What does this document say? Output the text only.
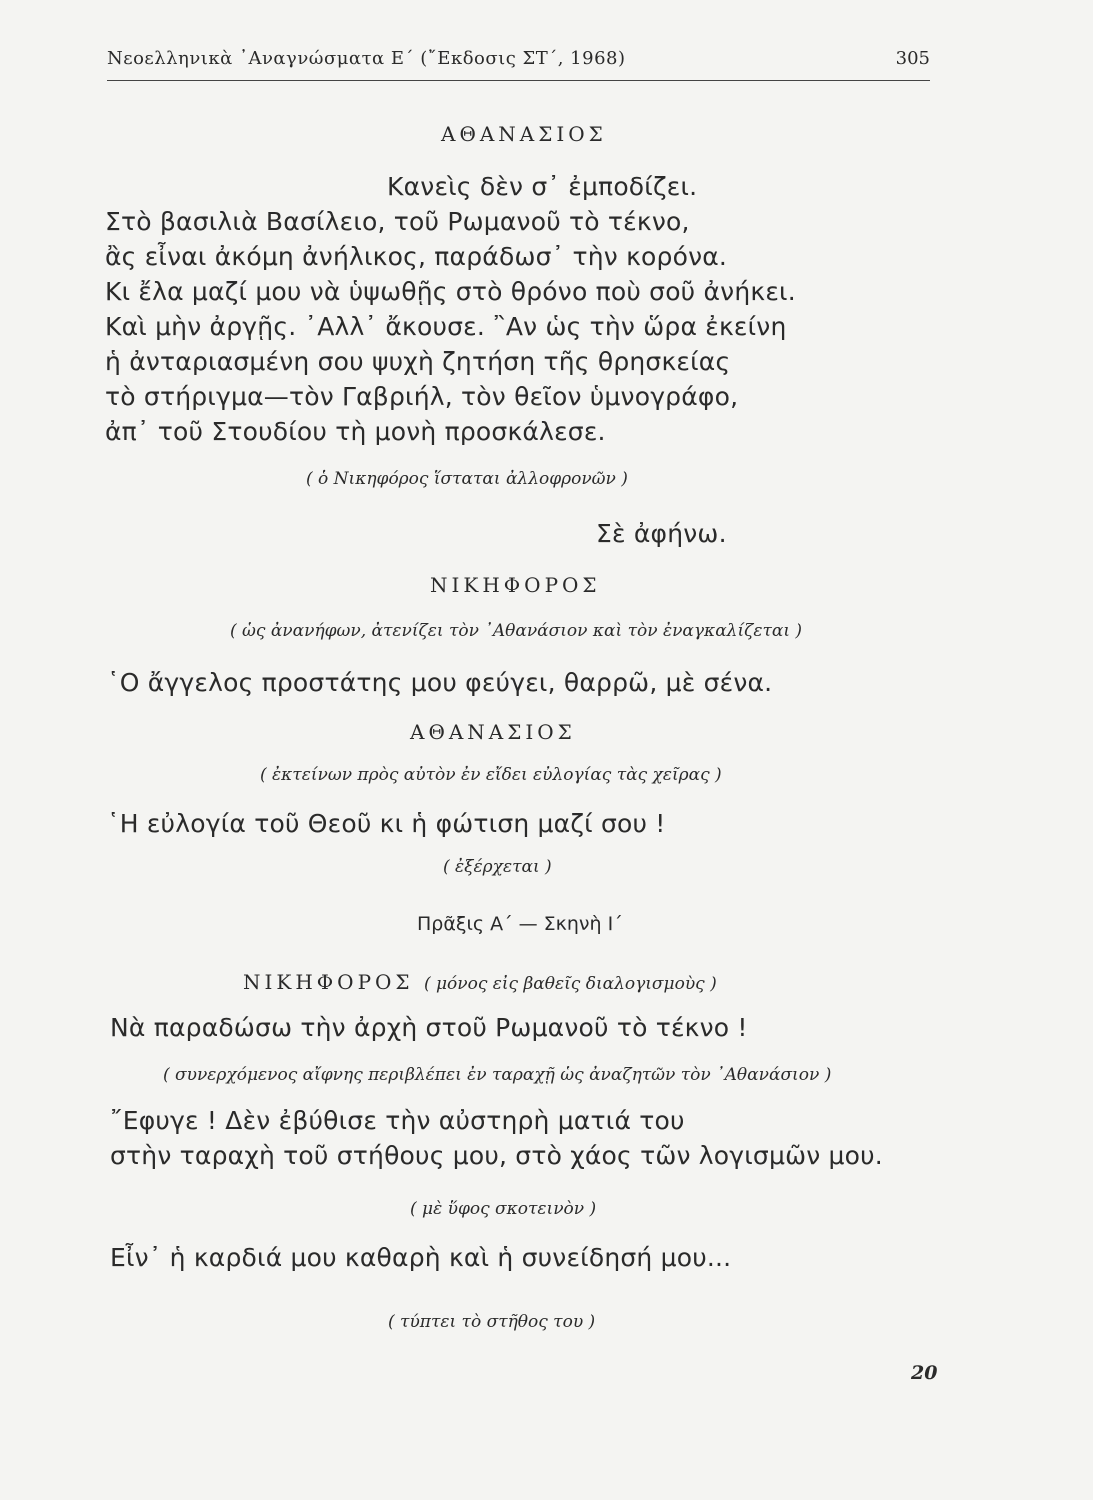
Νεοελληνικὰ ᾿Αναγνώσματα Ε΄ (῎Εκδοσις ΣΤ΄, 1968)	305
ΑΘΑΝΑΣΙΟΣ
Κανεὶς δὲν σ᾿ ἐμποδίζει.
Στὸ βασιλιὰ Βασίλειο, τοῦ Ρωμανοῦ τὸ τέκνο,
ἂς εἶναι ἀκόμη ἀνήλικος, παράδωσ᾿ τὴν κορόνα.
Κι ἔλα μαζί μου νὰ ὑψωθῇς στὸ θρόνο ποὺ σοῦ ἀνήκει.
Καὶ μὴν ἀργῇς. ᾿Αλλ᾿ ἄκουσε. ῍Αν ὡς τὴν ὥρα ἐκείνη
ἡ ἀνταριασμένη σου ψυχὴ ζητήση τῆς θρησκείας
τὸ στήριγμα—τὸν Γαβριήλ, τὸν θεῖον ὑμνογράφο,
ἀπ᾿ τοῦ Στουδίου τὴ μονὴ προσκάλεσε.
( ὁ Νικηφόρος ἵσταται ἀλλοφρονῶν )
Σὲ ἀφήνω.
ΝΙΚΗΦΟΡΟΣ
( ὡς ἀνανήφων, ἀτενίζει τὸν ᾿Αθανάσιον καὶ τὸν ἐναγκαλίζεται )
῾Ο ἄγγελος προστάτης μου φεύγει, θαρρῶ, μὲ σένα.
ΑΘΑΝΑΣΙΟΣ
( ἐκτείνων πρὸς αὐτὸν ἐν εἴδει εὐλογίας τὰς χεῖρας )
῾Η εὐλογία τοῦ Θεοῦ κι ἡ φώτιση μαζί σου !
( ἐξέρχεται )
Πρᾶξις Α΄ — Σκηνὴ Ι΄
ΝΙΚΗΦΟΡΟΣ ( μόνος εἰς βαθεῖς διαλογισμοὺς )
Νὰ παραδώσω τὴν ἀρχὴ στοῦ Ρωμανοῦ τὸ τέκνο !
( συνερχόμενος αἴφνης περιβλέπει ἐν ταραχῇ ὡς ἀναζητῶν τὸν ᾿Αθανάσιον )
῎Εφυγε ! Δὲν ἐβύθισε τὴν αὐστηρὴ ματιά του
στὴν ταραχὴ τοῦ στήθους μου, στὸ χάος τῶν λογισμῶν μου.
( μὲ ὕφος σκοτεινὸν )
Εἶν᾿ ἡ καρδιά μου καθαρὴ καὶ ἡ συνείδησή μου...
( τύπτει τὸ στῆθος του )
20
